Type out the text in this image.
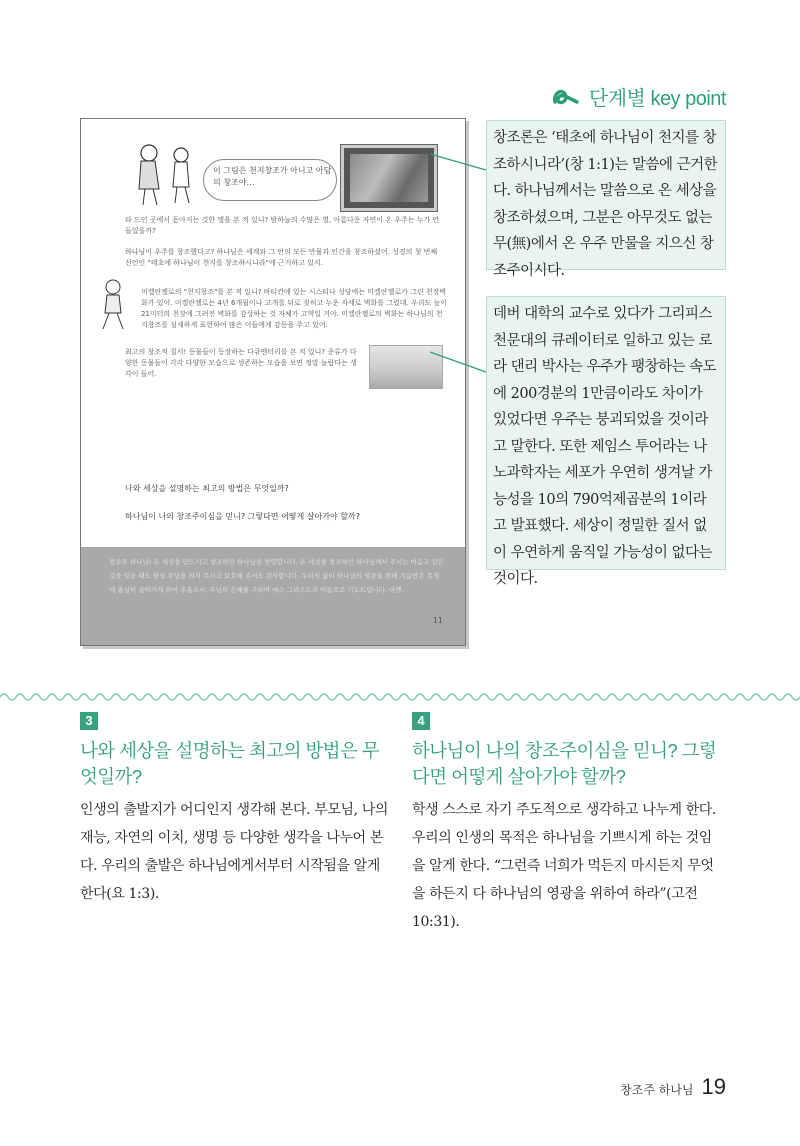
단계별 key point
이 그림은 천지창조가 아니고 아담의 창조야…
타 드인 곳에서 돋아지는 것한 앨을 본 적 있니? 밤하늘의 수많은 별, 아름다운 자연이 온 우주는 누가 만들었을까?
하나님이 우주를 창조했다고? 하나님은 세계와 그 안의 모든 만물과 인간을 창조하셨어. 성경의 첫 번째 선언인 "태초에 하나님이 천지를 창조하시니라"에 근거하고 있지.
미켈란젤로의 "천지창조"를 본 적 있니? 바티칸에 있는 시스티나 성당에는 미켈란젤로가 그린 천장벽화가 있어. 미켈란젤로는 4년 6개월이나 고개를 뒤로 젖히고 누운 자세로 벽화를 그렸대. 우리도 높이 21미터의 천장에 그려진 벽화를 감상하는 것 자체가 고역일 거야. 미켈란젤로의 벽화는 하나님의 천지창조를 섬세하게 표현하여 많은 이들에게 감동을 주고 있어.
최고의 창조적 질서! 동물들이 등장하는 다큐멘터리를 본 적 있니? 종류가 다양한 동물들이 각각 다양한 모습으로 생존하는 모습을 보면 정말 놀랍다는 생각이 들어.
나와 세상을 설명하는 최고의 방법은 무엇일까?
하나님이 나의 창조주이심을 믿니? 그렇다면 어떻게 살아가야 할까?
창조주 하나님! 온 세상을 만드시고 창조하신 하나님을 찬양합니다. 온 세상을 창조하신 하나님께서 주시는 마음고 같은 것을 잊을 때도 항상 주님을 의지 주시고 보호해 주셔요 감사합니다. 우리의 삶이 하나님의 영광을 위해 지음받은 목적에 충실히 살아가게 하여 주옵소서. 주님의 은혜를 구하며 예수 그리스도의 이름으로 기도드립니다. 아멘.
11
창조론은 ‘태초에 하나님이 천지를 창조하시니라’(창 1:1)는 말씀에 근거한다. 하나님께서는 말씀으로 온 세상을 창조하셨으며, 그분은 아무것도 없는 무(無)에서 온 우주 만물을 지으신 창조주이시다.
데버 대학의 교수로 있다가 그리피스 천문대의 큐레이터로 일하고 있는 로라 댄리 박사는 우주가 팽창하는 속도에 200경분의 1만큼이라도 차이가 있었다면 우주는 붕괴되었을 것이라고 말한다. 또한 제임스 투어라는 나노과학자는 세포가 우연히 생겨날 가능성을 10의 790억제곱분의 1이라고 발표했다. 세상이 정밀한 질서 없이 우연하게 움직일 가능성이 없다는 것이다.
3
나와 세상을 설명하는 최고의 방법은 무엇일까?

인생의 출발지가 어디인지 생각해 본다. 부모님, 나의 재능, 자연의 이치, 생명 등 다양한 생각을 나누어 본다. 우리의 출발은 하나님에게서부터 시작됨을 알게 한다(요 1:3).

4
하나님이 나의 창조주이심을 믿니? 그렇다면 어떻게 살아가야 할까?

학생 스스로 자기 주도적으로 생각하고 나누게 한다.

우리의 인생의 목적은 하나님을 기쁘시게 하는 것임을 알게 한다. “그런즉 너희가 먹든지 마시든지 무엇을 하든지 다 하나님의 영광을 위하여 하라”(고전 10:31).

창조주 하나님 19
